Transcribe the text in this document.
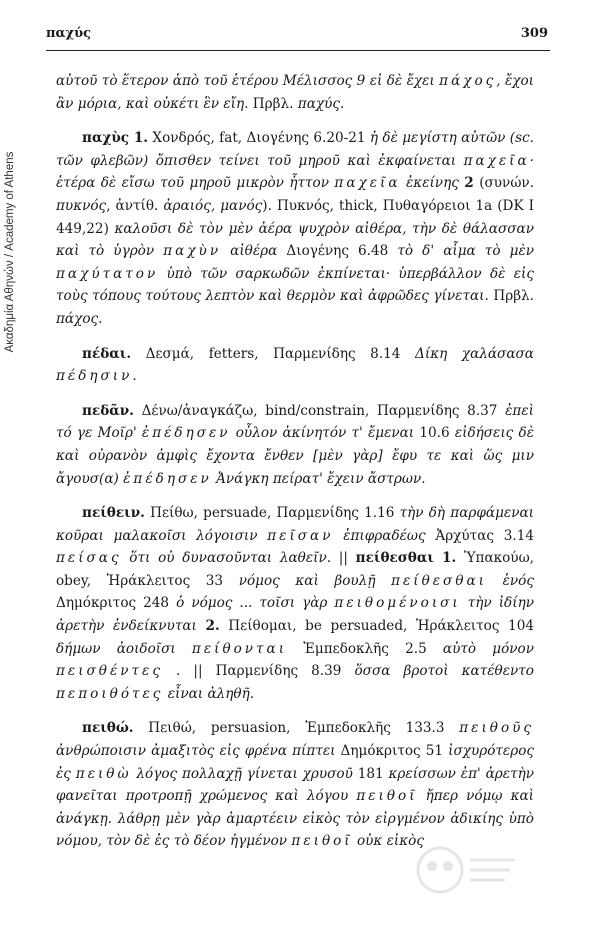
παχύς	309
Ακαδημία Αθηνών / Academy of Athens

αὐτοῦ τὸ ἕτερον ἀπὸ τοῦ ἑτέρου Μέλισσος 9 εἰ δὲ ἔχει πάχος, ἔχοι ἂν μόρια, καὶ οὐκέτι ἓν εἴη. Πρβλ. παχύς.

παχὺς 1. Χονδρός, fat, Διογένης 6.20-21 ἡ δὲ μεγίστη αὐτῶν (sc. τῶν φλεβῶν) ὄπισθεν τείνει τοῦ μηροῦ καὶ ἐκφαίνεται παχεῖα· ἑτέρα δὲ εἴσω τοῦ μηροῦ μικρὸν ἧττον παχεῖα ἐκείνης 2 (συνών. πυκνός, ἀντίθ. ἀραιός, μανός). Πυκνός, thick, Πυθαγόρειοι 1a (DK I 449,22) καλοῦσι δὲ τὸν μὲν ἀέρα ψυχρὸν αἰθέρα, τὴν δὲ θάλασσαν καὶ τὸ ὑγρὸν παχὺν αἰθέρα Διογένης 6.48 τὸ δ' αἷμα τὸ μὲν παχύτατον ὑπὸ τῶν σαρκωδῶν ἐκπίνεται· ὑπερβάλλον δὲ εἰς τοὺς τόπους τούτους λεπτὸν καὶ θερμὸν καὶ ἀφρῶδες γίνεται. Πρβλ. πάχος.

πέδαι. Δεσμά, fetters, Παρμενίδης 8.14 Δίκη χαλάσασα πέδησιν.

πεδᾶν. Δένω/ἀναγκάζω, bind/constrain, Παρμενίδης 8.37 ἐπεὶ τό γε Μοῖρ' ἐπέδησεν οὖλον ἀκίνητόν τ' ἔμεναι 10.6 εἰδήσεις δὲ καὶ οὐρανὸν ἀμφὶς ἔχοντα ἔνθεν [μὲν γὰρ] ἔφυ τε καὶ ὥς μιν ἄγουσ(α) ἐπέδησεν Ἀνάγκη πείρατ' ἔχειν ἄστρων.

πείθειν. Πείθω, persuade, Παρμενίδης 1.16 τὴν δὴ παρφάμεναι κοῦραι μαλακοῖσι λόγοισιν πεῖσαν ἐπιφραδέως Ἀρχύτας 3.14 πείσας ὅτι οὐ δυνασοῦνται λαθεῖν. || πείθεσθαι 1. Ὑπακούω, obey, Ἡράκλειτος 33 νόμος καὶ βουλῇ πείθεσθαι ἑνός Δημόκριτος 248 ὁ νόμος ... τοῖσι γὰρ πειθομένοισι τὴν ἰδίην ἀρετὴν ἐνδείκνυται 2. Πείθομαι, be persuaded, Ἡράκλειτος 104 δήμων ἀοιδοῖσι πείθονται Ἐμπεδοκλῆς 2.5 αὐτὸ μόνον πεισθέντες . || Παρμενίδης 8.39 ὅσσα βροτοὶ κατέθεντο πεποιθότες εἶναι ἀληθῆ.

πειθώ. Πειθώ, persuasion, Ἐμπεδοκλῆς 133.3 πειθοῦς ἀνθρώποισιν ἀμαξιτὸς εἰς φρένα πίπτει Δημόκριτος 51 ἰσχυρότερος ἐς πειθὼ λόγος πολλαχῇ γίνεται χρυσοῦ 181 κρείσσων ἐπ' ἀρετὴν φανεῖται προτροπῇ χρώμενος καὶ λόγου πειθοῖ ἤπερ νόμῳ καὶ ἀνάγκῃ. λάθρῃ μὲν γὰρ ἁμαρτέειν εἰκὸς τὸν εἰργμένον ἀδικίης ὑπὸ νόμου, τὸν δὲ ἐς τὸ δέον ἠγμένον πειθοῖ οὐκ εἰκὸς
